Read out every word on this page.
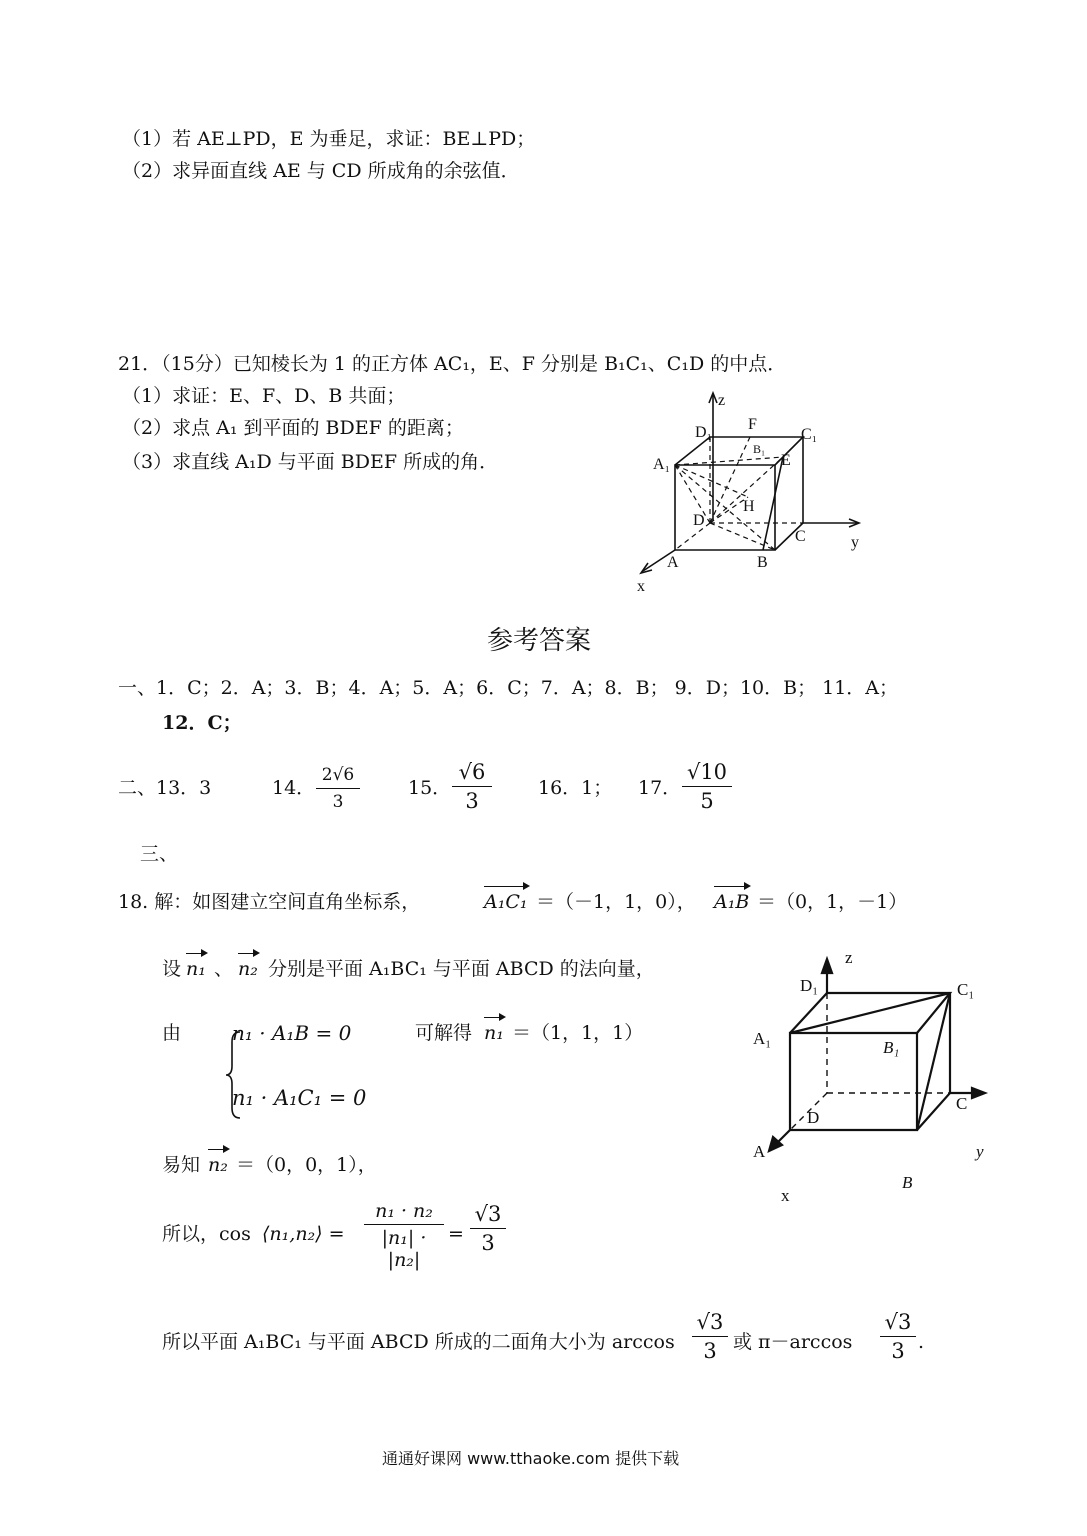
（1）若 AE⊥PD，E 为垂足，求证：BE⊥PD；
（2）求异面直线 AE 与 CD 所成角的余弦值．
21．（15分）已知棱长为 1 的正方体 AC₁，E、F 分别是 B₁C₁、C₁D 的中点．
（1）求证：E、F、D、B 共面；
（2）求点 A₁ 到平面的 BDEF 的距离；
（3）求直线 A₁D 与平面 BDEF 所成的角．
z
D₁ F
B₁
C₁
A₁	E
H
D
C	y
A	B
x
参考答案
一、1．C；2．A；3．B；4．A；5．A；6．C；7．A；8．B； 9．D；10．B； 11．A；
12．C；
二、13．3	14．
2√6
3
15．
√6
3
16．1； 17．
√10
5
三、
18. 解：如图建立空间直角坐标系，	A₁C₁ ＝（－1，1，0）， A₁B ＝（0，1，－1）
设 n₁ 、 n₂ 分别是平面 A₁BC₁ 与平面 ABCD 的法向量，
由	n₁ · A₁B = 0
n₁ · A₁C₁ = 0
可解得 n₁ ＝（1，1，1）
易知 n₂ ＝（0，0，1），
所以，cos ⟨n₁,n₂⟩ =
n₁ · n₂
|n₁| · |n₂|
=
√3
3
所以平面 A₁BC₁ 与平面 ABCD 所成的二面角大小为 arccos
√3
3 或 π－arccos
√3
3 .
z
D₁	C₁
A₁	B₁
D
C
A	y
x
B
通通好课网 www.tthaoke.com 提供下载
